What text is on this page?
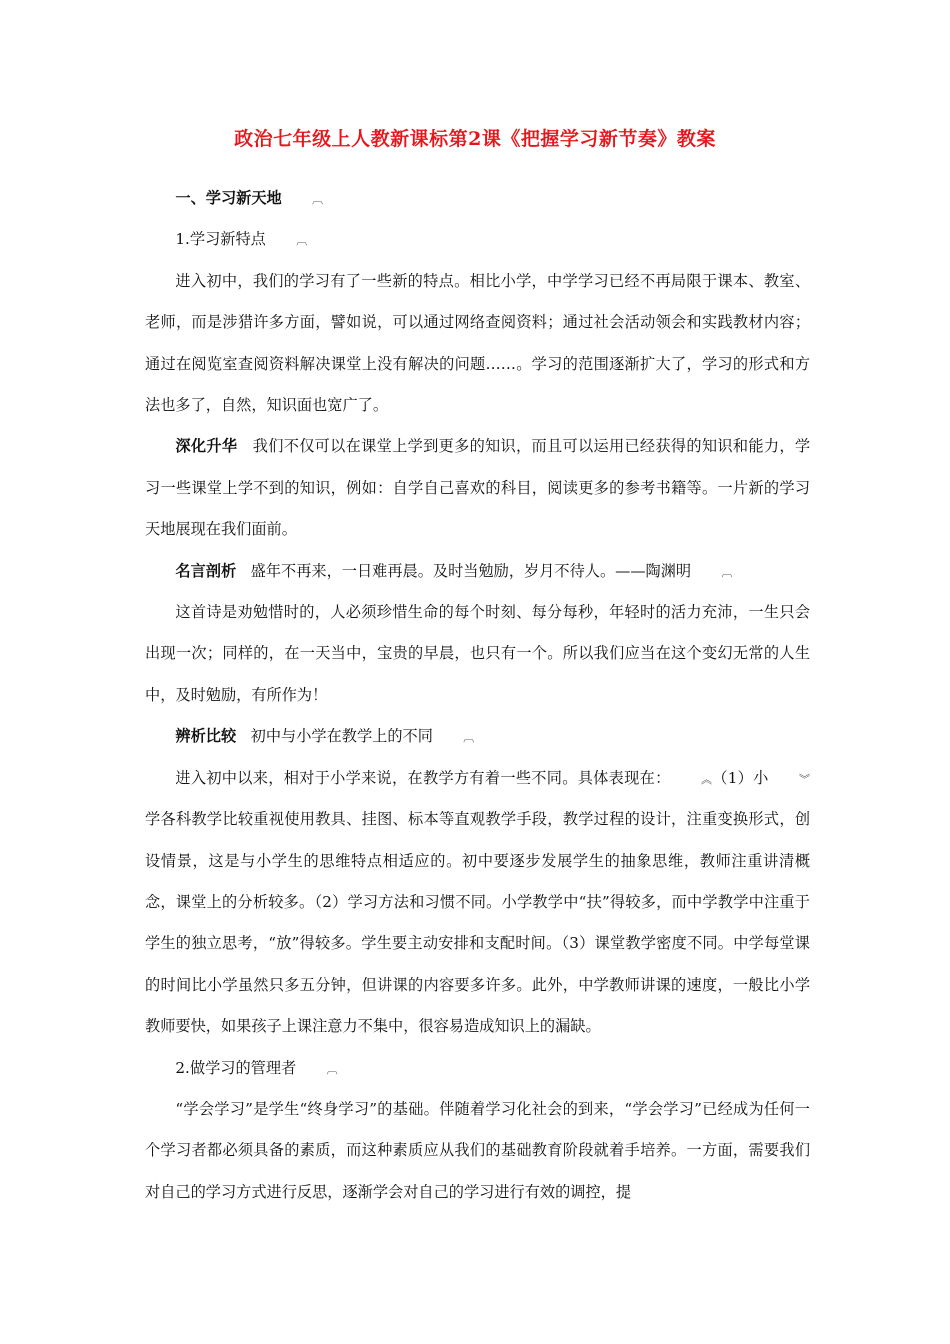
政治七年级上人教新课标第2课《把握学习新节奏》教案

一、学习新天地	︹

1.学习新特点	︹

进入初中，我们的学习有了一些新的特点。相比小学，中学学习已经不再局限于课本、教室、老师，而是涉猎许多方面，譬如说，可以通过网络查阅资料；通过社会活动领会和实践教材内容；通过在阅览室查阅资料解决课堂上没有解决的问题……。学习的范围逐渐扩大了，学习的形式和方法也多了，自然，知识面也宽广了。

深化升华 我们不仅可以在课堂上学到更多的知识，而且可以运用已经获得的知识和能力，学习一些课堂上学不到的知识，例如：自学自己喜欢的科目，阅读更多的参考书籍等。一片新的学习天地展现在我们面前。

名言剖析 盛年不再来，一日难再晨。及时当勉励，岁月不待人。——陶渊明	︹

这首诗是劝勉惜时的，人必须珍惜生命的每个时刻、每分每秒，年轻时的活力充沛，一生只会出现一次；同样的，在一天当中，宝贵的早晨，也只有一个。所以我们应当在这个变幻无常的人生中，及时勉励，有所作为！

辨析比较 初中与小学在教学上的不同	︹

进入初中以来，相对于小学来说，在教学方有着一些不同。具体表现在：	︽（1）小	︾学各科教学比较重视使用教具、挂图、标本等直观教学手段，教学过程的设计，注重变换形式，创设情景，这是与小学生的思维特点相适应的。初中要逐步发展学生的抽象思维，教师注重讲清概念，课堂上的分析较多。（2）学习方法和习惯不同。小学教学中“扶”得较多，而中学教学中注重于学生的独立思考，“放”得较多。学生要主动安排和支配时间。（3）课堂教学密度不同。中学每堂课的时间比小学虽然只多五分钟，但讲课的内容要多许多。此外，中学教师讲课的速度，一般比小学教师要快，如果孩子上课注意力不集中，很容易造成知识上的漏缺。

2.做学习的管理者	︹

“学会学习”是学生“终身学习”的基础。伴随着学习化社会的到来，“学会学习”已经成为任何一个学习者都必须具备的素质，而这种素质应从我们的基础教育阶段就着手培养。一方面，需要我们对自己的学习方式进行反思，逐渐学会对自己的学习进行有效的调控，提
